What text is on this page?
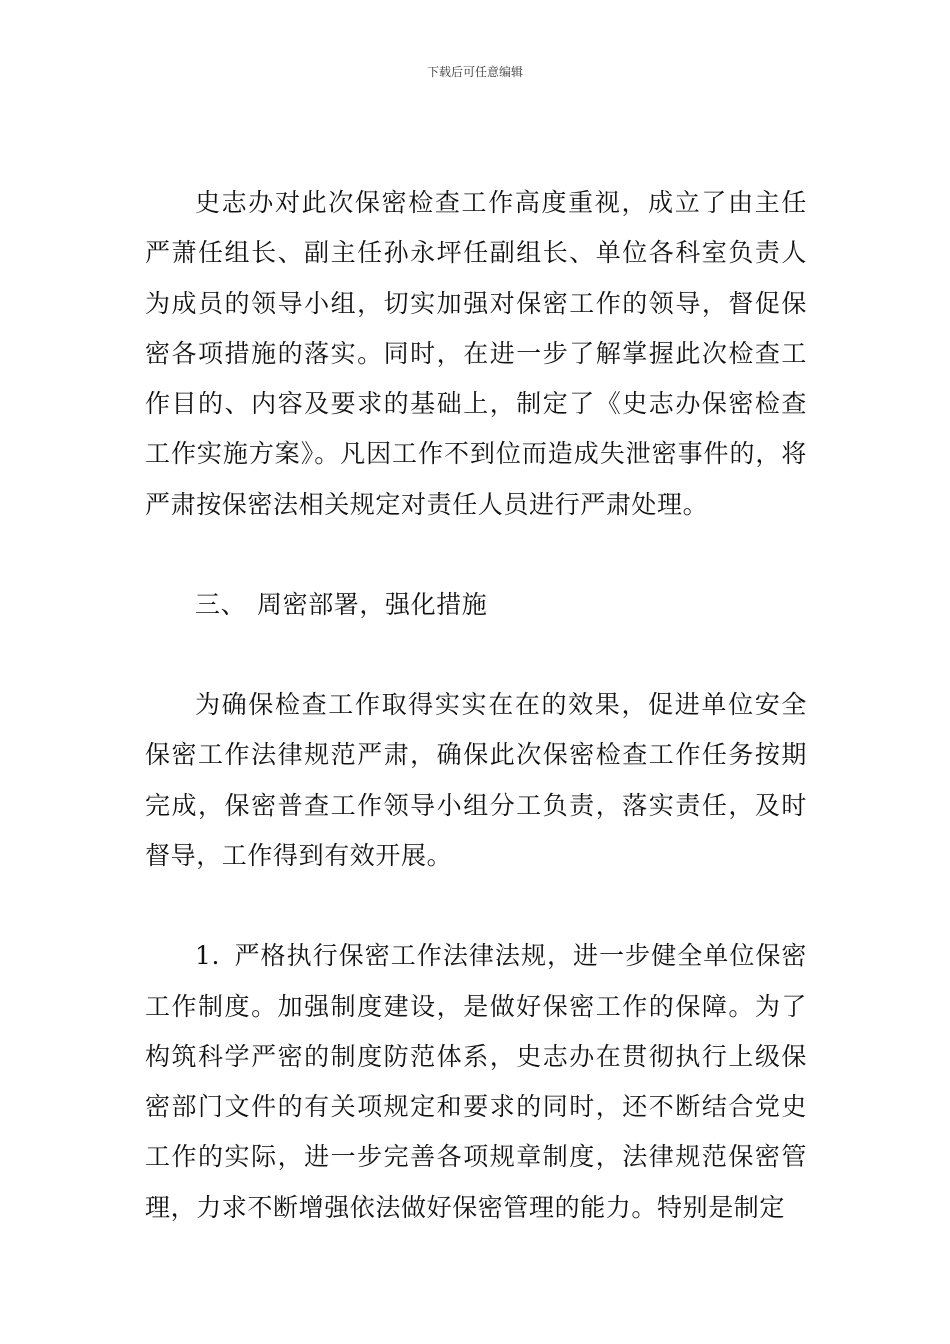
下载后可任意编辑

史志办对此次保密检查工作高度重视，成立了由主任严萧任组长、副主任孙永坪任副组长、单位各科室负责人为成员的领导小组，切实加强对保密工作的领导，督促保密各项措施的落实。同时，在进一步了解掌握此次检查工作目的、内容及要求的基础上，制定了《史志办保密检查工作实施方案》。凡因工作不到位而造成失泄密事件的，将严肃按保密法相关规定对责任人员进行严肃处理。

三、 周密部署，强化措施

为确保检查工作取得实实在在的效果，促进单位安全保密工作法律规范严肃，确保此次保密检查工作任务按期完成，保密普查工作领导小组分工负责，落实责任，及时督导，工作得到有效开展。

1. 严格执行保密工作法律法规，进一步健全单位保密工作制度。加强制度建设，是做好保密工作的保障。为了构筑科学严密的制度防范体系，史志办在贯彻执行上级保密部门文件的有关项规定和要求的同时，还不断结合党史工作的实际，进一步完善各项规章制度，法律规范保密管理，力求不断增强依法做好保密管理的能力。特别是制定
